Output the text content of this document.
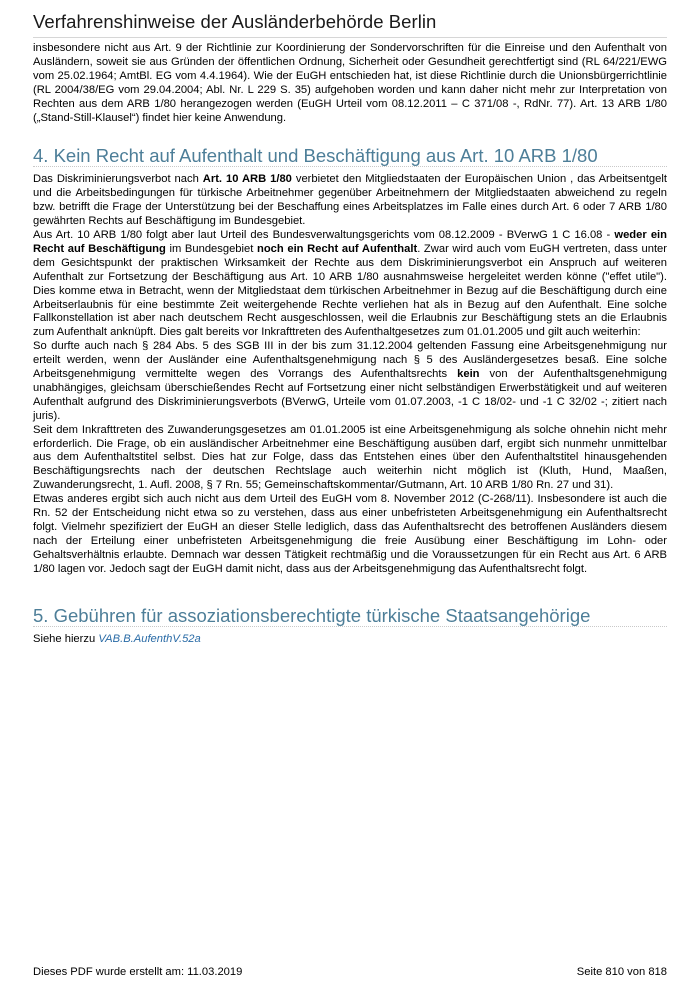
Verfahrenshinweise der Ausländerbehörde Berlin

insbesondere nicht aus Art. 9 der Richtlinie zur Koordinierung der Sondervorschriften für die Einreise und den Aufenthalt von Ausländern, soweit sie aus Gründen der öffentlichen Ordnung, Sicherheit oder Gesundheit gerechtfertigt sind (RL 64/221/EWG vom 25.02.1964; AmtBl. EG vom 4.4.1964). Wie der EuGH entschieden hat, ist diese Richtlinie durch die Unionsbürgerrichtlinie (RL 2004/38/EG vom 29.04.2004; Abl. Nr. L 229 S. 35) aufgehoben worden und kann daher nicht mehr zur Interpretation von Rechten aus dem ARB 1/80 herangezogen werden (EuGH Urteil vom 08.12.2011 – C 371/08 -, RdNr. 77). Art. 13 ARB 1/80 („Stand-Still-Klausel“) findet hier keine Anwendung.

4. Kein Recht auf Aufenthalt und Beschäftigung aus Art. 10 ARB 1/80

Das Diskriminierungsverbot nach Art. 10 ARB 1/80 verbietet den Mitgliedstaaten der Europäischen Union , das Arbeitsentgelt und die Arbeitsbedingungen für türkische Arbeitnehmer gegenüber Arbeitnehmern der Mitgliedstaaten abweichend zu regeln bzw. betrifft die Frage der Unterstützung bei der Beschaffung eines Arbeitsplatzes im Falle eines durch Art. 6 oder 7 ARB 1/80 gewährten Rechts auf Beschäftigung im Bundesgebiet.

Aus Art. 10 ARB 1/80 folgt aber laut Urteil des Bundesverwaltungsgerichts vom 08.12.2009 - BVerwG 1 C 16.08 - weder ein Recht auf Beschäftigung im Bundesgebiet noch ein Recht auf Aufenthalt. Zwar wird auch vom EuGH vertreten, dass unter dem Gesichtspunkt der praktischen Wirksamkeit der Rechte aus dem Diskriminierungsverbot ein Anspruch auf weiteren Aufenthalt zur Fortsetzung der Beschäftigung aus Art. 10 ARB 1/80 ausnahmsweise hergeleitet werden könne ("effet utile"). Dies komme etwa in Betracht, wenn der Mitgliedstaat dem türkischen Arbeitnehmer in Bezug auf die Beschäftigung durch eine Arbeitserlaubnis für eine bestimmte Zeit weitergehende Rechte verliehen hat als in Bezug auf den Aufenthalt. Eine solche Fallkonstellation ist aber nach deutschem Recht ausgeschlossen, weil die Erlaubnis zur Beschäftigung stets an die Erlaubnis zum Aufenthalt anknüpft. Dies galt bereits vor Inkrafttreten des Aufenthaltgesetzes zum 01.01.2005 und gilt auch weiterhin:

So durfte auch nach § 284 Abs. 5 des SGB III in der bis zum 31.12.2004 geltenden Fassung eine Arbeitsgenehmigung nur erteilt werden, wenn der Ausländer eine Aufenthaltsgenehmigung nach § 5 des Ausländergesetzes besaß. Eine solche Arbeitsgenehmigung vermittelte wegen des Vorrangs des Aufenthaltsrechts kein von der Aufenthaltsgenehmigung unabhängiges, gleichsam überschießendes Recht auf Fortsetzung einer nicht selbständigen Erwerbstätigkeit und auf weiteren Aufenthalt aufgrund des Diskriminierungsverbots (BVerwG, Urteile vom 01.07.2003, -1 C 18/02- und -1 C 32/02 -; zitiert nach juris).

Seit dem Inkrafttreten des Zuwanderungsgesetzes am 01.01.2005 ist eine Arbeitsgenehmigung als solche ohnehin nicht mehr erforderlich. Die Frage, ob ein ausländischer Arbeitnehmer eine Beschäftigung ausüben darf, ergibt sich nunmehr unmittelbar aus dem Aufenthaltstitel selbst. Dies hat zur Folge, dass das Entstehen eines über den Aufenthaltstitel hinausgehenden Beschäftigungsrechts nach der deutschen Rechtslage auch weiterhin nicht möglich ist (Kluth, Hund, Maaßen, Zuwanderungsrecht, 1. Aufl. 2008, § 7 Rn. 55; Gemeinschaftskommentar/Gutmann, Art. 10 ARB 1/80 Rn. 27 und 31).

Etwas anderes ergibt sich auch nicht aus dem Urteil des EuGH vom 8. November 2012 (C-268/11). Insbesondere ist auch die Rn. 52 der Entscheidung nicht etwa so zu verstehen, dass aus einer unbefristeten Arbeitsgenehmigung ein Aufenthaltsrecht folgt. Vielmehr spezifiziert der EuGH an dieser Stelle lediglich, dass das Aufenthaltsrecht des betroffenen Ausländers diesem nach der Erteilung einer unbefristeten Arbeitsgenehmigung die freie Ausübung einer Beschäftigung im Lohn- oder Gehaltsverhältnis erlaubte. Demnach war dessen Tätigkeit rechtmäßig und die Voraussetzungen für ein Recht aus Art. 6 ARB 1/80 lagen vor. Jedoch sagt der EuGH damit nicht, dass aus der Arbeitsgenehmigung das Aufenthaltsrecht folgt.

5. Gebühren für assoziationsberechtigte türkische Staatsangehörige

Siehe hierzu VAB.B.AufenthV.52a

Dieses PDF wurde erstellt am: 11.03.2019	Seite 810 von 818
